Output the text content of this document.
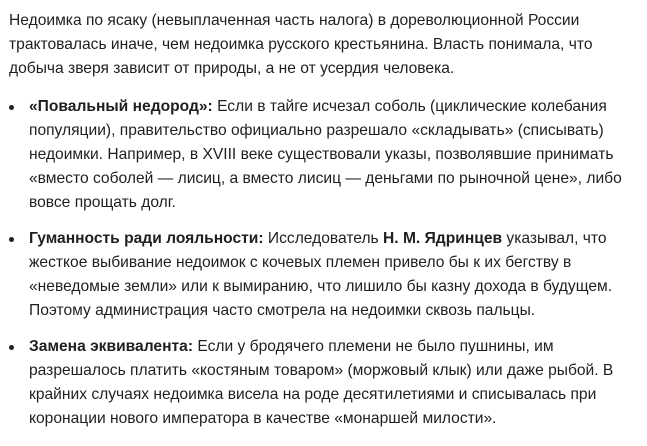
Недоимка по ясаку (невыплаченная часть налога) в дореволюционной России трактовалась иначе, чем недоимка русского крестьянина. Власть понимала, что добыча зверя зависит от природы, а не от усердия человека.

«Повальный недород»: Если в тайге исчезал соболь (циклические колебания популяции), правительство официально разрешало «складывать» (списывать) недоимки. Например, в XVIII веке существовали указы, позволявшие принимать «вместо соболей — лисиц, а вместо лисиц — деньгами по рыночной цене», либо вовсе прощать долг.
Гуманность ради лояльности: Исследователь Н. М. Ядринцев указывал, что жесткое выбивание недоимок с кочевых племен привело бы к их бегству в «неведомые земли» или к вымиранию, что лишило бы казну дохода в будущем. Поэтому администрация часто смотрела на недоимки сквозь пальцы.
Замена эквивалента: Если у бродячего племени не было пушнины, им разрешалось платить «костяным товаром» (моржовый клык) или даже рыбой. В крайних случаях недоимка висела на роде десятилетиями и списывалась при коронации нового императора в качестве «монаршей милости».
